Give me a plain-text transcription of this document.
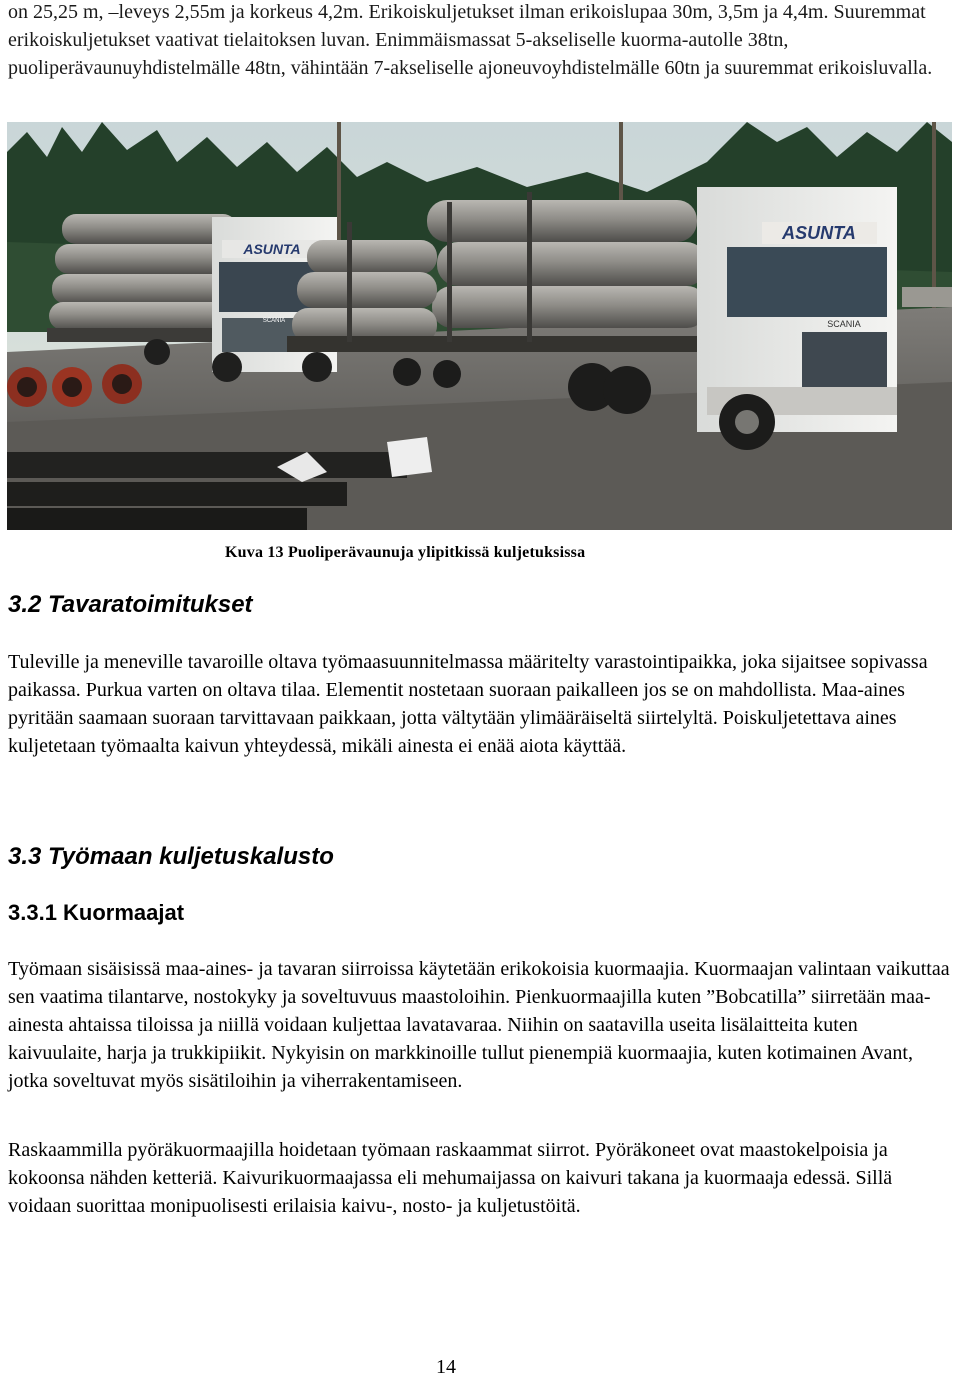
on 25,25 m, –leveys 2,55m ja korkeus 4,2m. Erikoiskuljetukset ilman erikoislupaa 30m, 3,5m ja 4,4m. Suuremmat erikoiskuljetukset vaativat tielaitoksen luvan. Enimmäismassat 5-akseliselle kuorma-autolle 38tn, puoliperävaunuyhdistelmälle 48tn, vähintään 7-akseliselle ajoneuvoyhdistelmälle 60tn ja suuremmat erikoisluvalla.

ASUNTA
SCANIA
ASUNTA
SCANIA

Kuva 13 Puoliperävaunuja ylipitkissä kuljetuksissa

3.2 Tavaratoimitukset

Tuleville ja meneville tavaroille oltava työmaasuunnitelmassa määritelty varastointipaikka, joka sijaitsee sopivassa paikassa. Purkua varten on oltava tilaa. Elementit nostetaan suoraan paikalleen jos se on mahdollista. Maa-aines pyritään saamaan suoraan tarvittavaan paikkaan, jotta vältytään ylimääräiseltä siirtelyltä. Poiskuljetettava aines kuljetetaan työmaalta kaivun yhteydessä, mikäli ainesta ei enää aiota käyttää.

3.3 Työmaan kuljetuskalusto
3.3.1 Kuormaajat

Työmaan sisäisissä maa-aines- ja tavaran siirroissa käytetään erikokoisia kuormaajia. Kuormaajan valintaan vaikuttaa sen vaatima tilantarve, nostokyky ja soveltuvuus maastoloihin. Pienkuormaajilla kuten ”Bobcatilla” siirretään maa-ainesta ahtaissa tiloissa ja niillä voidaan kuljettaa lavatavaraa. Niihin on saatavilla useita lisälaitteita kuten kaivuulaite, harja ja trukkipiikit. Nykyisin on markkinoille tullut pienempiä kuormaajia, kuten kotimainen Avant, jotka soveltuvat myös sisätiloihin ja viherrakentamiseen.

Raskaammilla pyöräkuormaajilla hoidetaan työmaan raskaammat siirrot. Pyöräkoneet ovat maastokelpoisia ja kokoonsa nähden ketteriä. Kaivurikuormaajassa eli mehumaijassa on kaivuri takana ja kuormaaja edessä. Sillä voidaan suorittaa monipuolisesti erilaisia kaivu-, nosto- ja kuljetustöitä.

14
